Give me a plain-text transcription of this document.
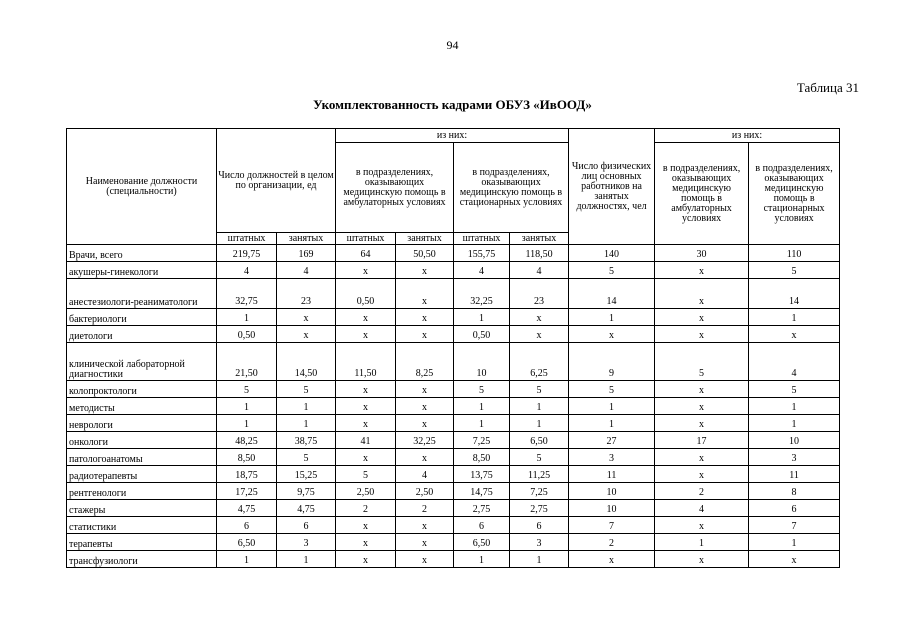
94
Таблица 31
Укомплектованность кадрами ОБУЗ «ИвООД»
Наименование должности (специальности)	Число должностей в целом по организации, ед		из них:				Число физических лиц основных работников на занятых должностях, чел	из них:	
			в подразделениях, оказывающих медицинскую помощь в амбулаторных условиях		в подразделениях, оказывающих медицинскую помощь в стационарных условиях			в подразделениях, оказывающих медицинскую помощь в амбулаторных условиях	в подразделениях, оказывающих медицинскую помощь в стационарных условиях
	штатных	занятых	штатных	занятых	штатных	занятых			
Врачи, всего	219,75	169	64	50,50	155,75	118,50	140	30	110
акушеры-гинекологи	4	4	х	х	4	4	5	х	5
анестезиологи-реаниматологи	32,75	23	0,50	х	32,25	23	14	х	14
бактериологи	1	х	х	х	1	х	1	х	1
диетологи	0,50	х	х	х	0,50	х	х	х	х
клинической лабораторной диагностики	21,50	14,50	11,50	8,25	10	6,25	9	5	4
колопроктологи	5	5	х	х	5	5	5	х	5
методисты	1	1	х	х	1	1	1	х	1
неврологи	1	1	х	х	1	1	1	х	1
онкологи	48,25	38,75	41	32,25	7,25	6,50	27	17	10
патологоанатомы	8,50	5	х	х	8,50	5	3	х	3
радиотерапевты	18,75	15,25	5	4	13,75	11,25	11	х	11
рентгенологи	17,25	9,75	2,50	2,50	14,75	7,25	10	2	8
стажеры	4,75	4,75	2	2	2,75	2,75	10	4	6
статистики	6	6	х	х	6	6	7	х	7
терапевты	6,50	3	х	х	6,50	3	2	1	1
трансфузиологи	1	1	х	х	1	1	х	х	х
